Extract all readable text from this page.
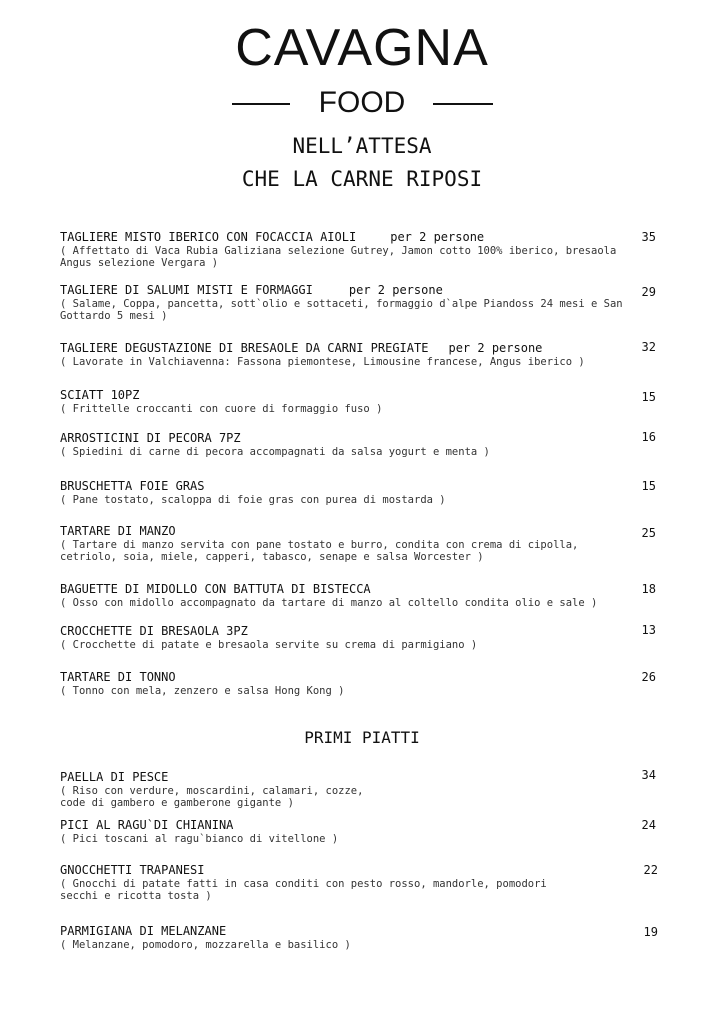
CAVAGNA
FOOD
NELL’ATTESA
CHE LA CARNE RIPOSI
TAGLIERE MISTO IBERICO CON FOCACCIA AIOLI	per 2 persone
( Affettato di Vaca Rubia Galiziana selezione Gutrey, Jamon cotto 100% iberico, bresaola Angus selezione Vergara )
35
TAGLIERE DI SALUMI MISTI E FORMAGGI	per 2 persone
( Salame, Coppa, pancetta, sott`olio e sottaceti, formaggio d`alpe Piandoss 24 mesi e San Gottardo 5 mesi )
29
TAGLIERE DEGUSTAZIONE DI BRESAOLE DA CARNI PREGIATE per 2 persone
( Lavorate in Valchiavenna: Fassona piemontese, Limousine francese, Angus iberico )
32
SCIATT 10PZ
( Frittelle croccanti con cuore di formaggio fuso )
15
ARROSTICINI DI PECORA 7PZ
( Spiedini di carne di pecora accompagnati da salsa yogurt e menta )
16
BRUSCHETTA FOIE GRAS
( Pane tostato, scaloppa di foie gras con purea di mostarda )
15
TARTARE DI MANZO
( Tartare di manzo servita con pane tostato e burro, condita con crema di cipolla, cetriolo, soia, miele, capperi, tabasco, senape e salsa Worcester )
25
BAGUETTE DI MIDOLLO CON BATTUTA DI BISTECCA
( Osso con midollo accompagnato da tartare di manzo al coltello condita olio e sale )
18
CROCCHETTE DI BRESAOLA 3PZ
( Crocchette di patate e bresaola servite su crema di parmigiano )
13
TARTARE DI TONNO
( Tonno con mela, zenzero e salsa Hong Kong )
26
PRIMI PIATTI
PAELLA DI PESCE
( Riso con verdure, moscardini, calamari, cozze, code di gambero e gamberone gigante )
34
PICI AL RAGU`DI CHIANINA
( Pici toscani al ragu`bianco di vitellone )
24
GNOCCHETTI TRAPANESI
( Gnocchi di patate fatti in casa conditi con pesto rosso, mandorle, pomodori secchi e ricotta tosta )
22
PARMIGIANA DI MELANZANE
( Melanzane, pomodoro, mozzarella e basilico )
19
